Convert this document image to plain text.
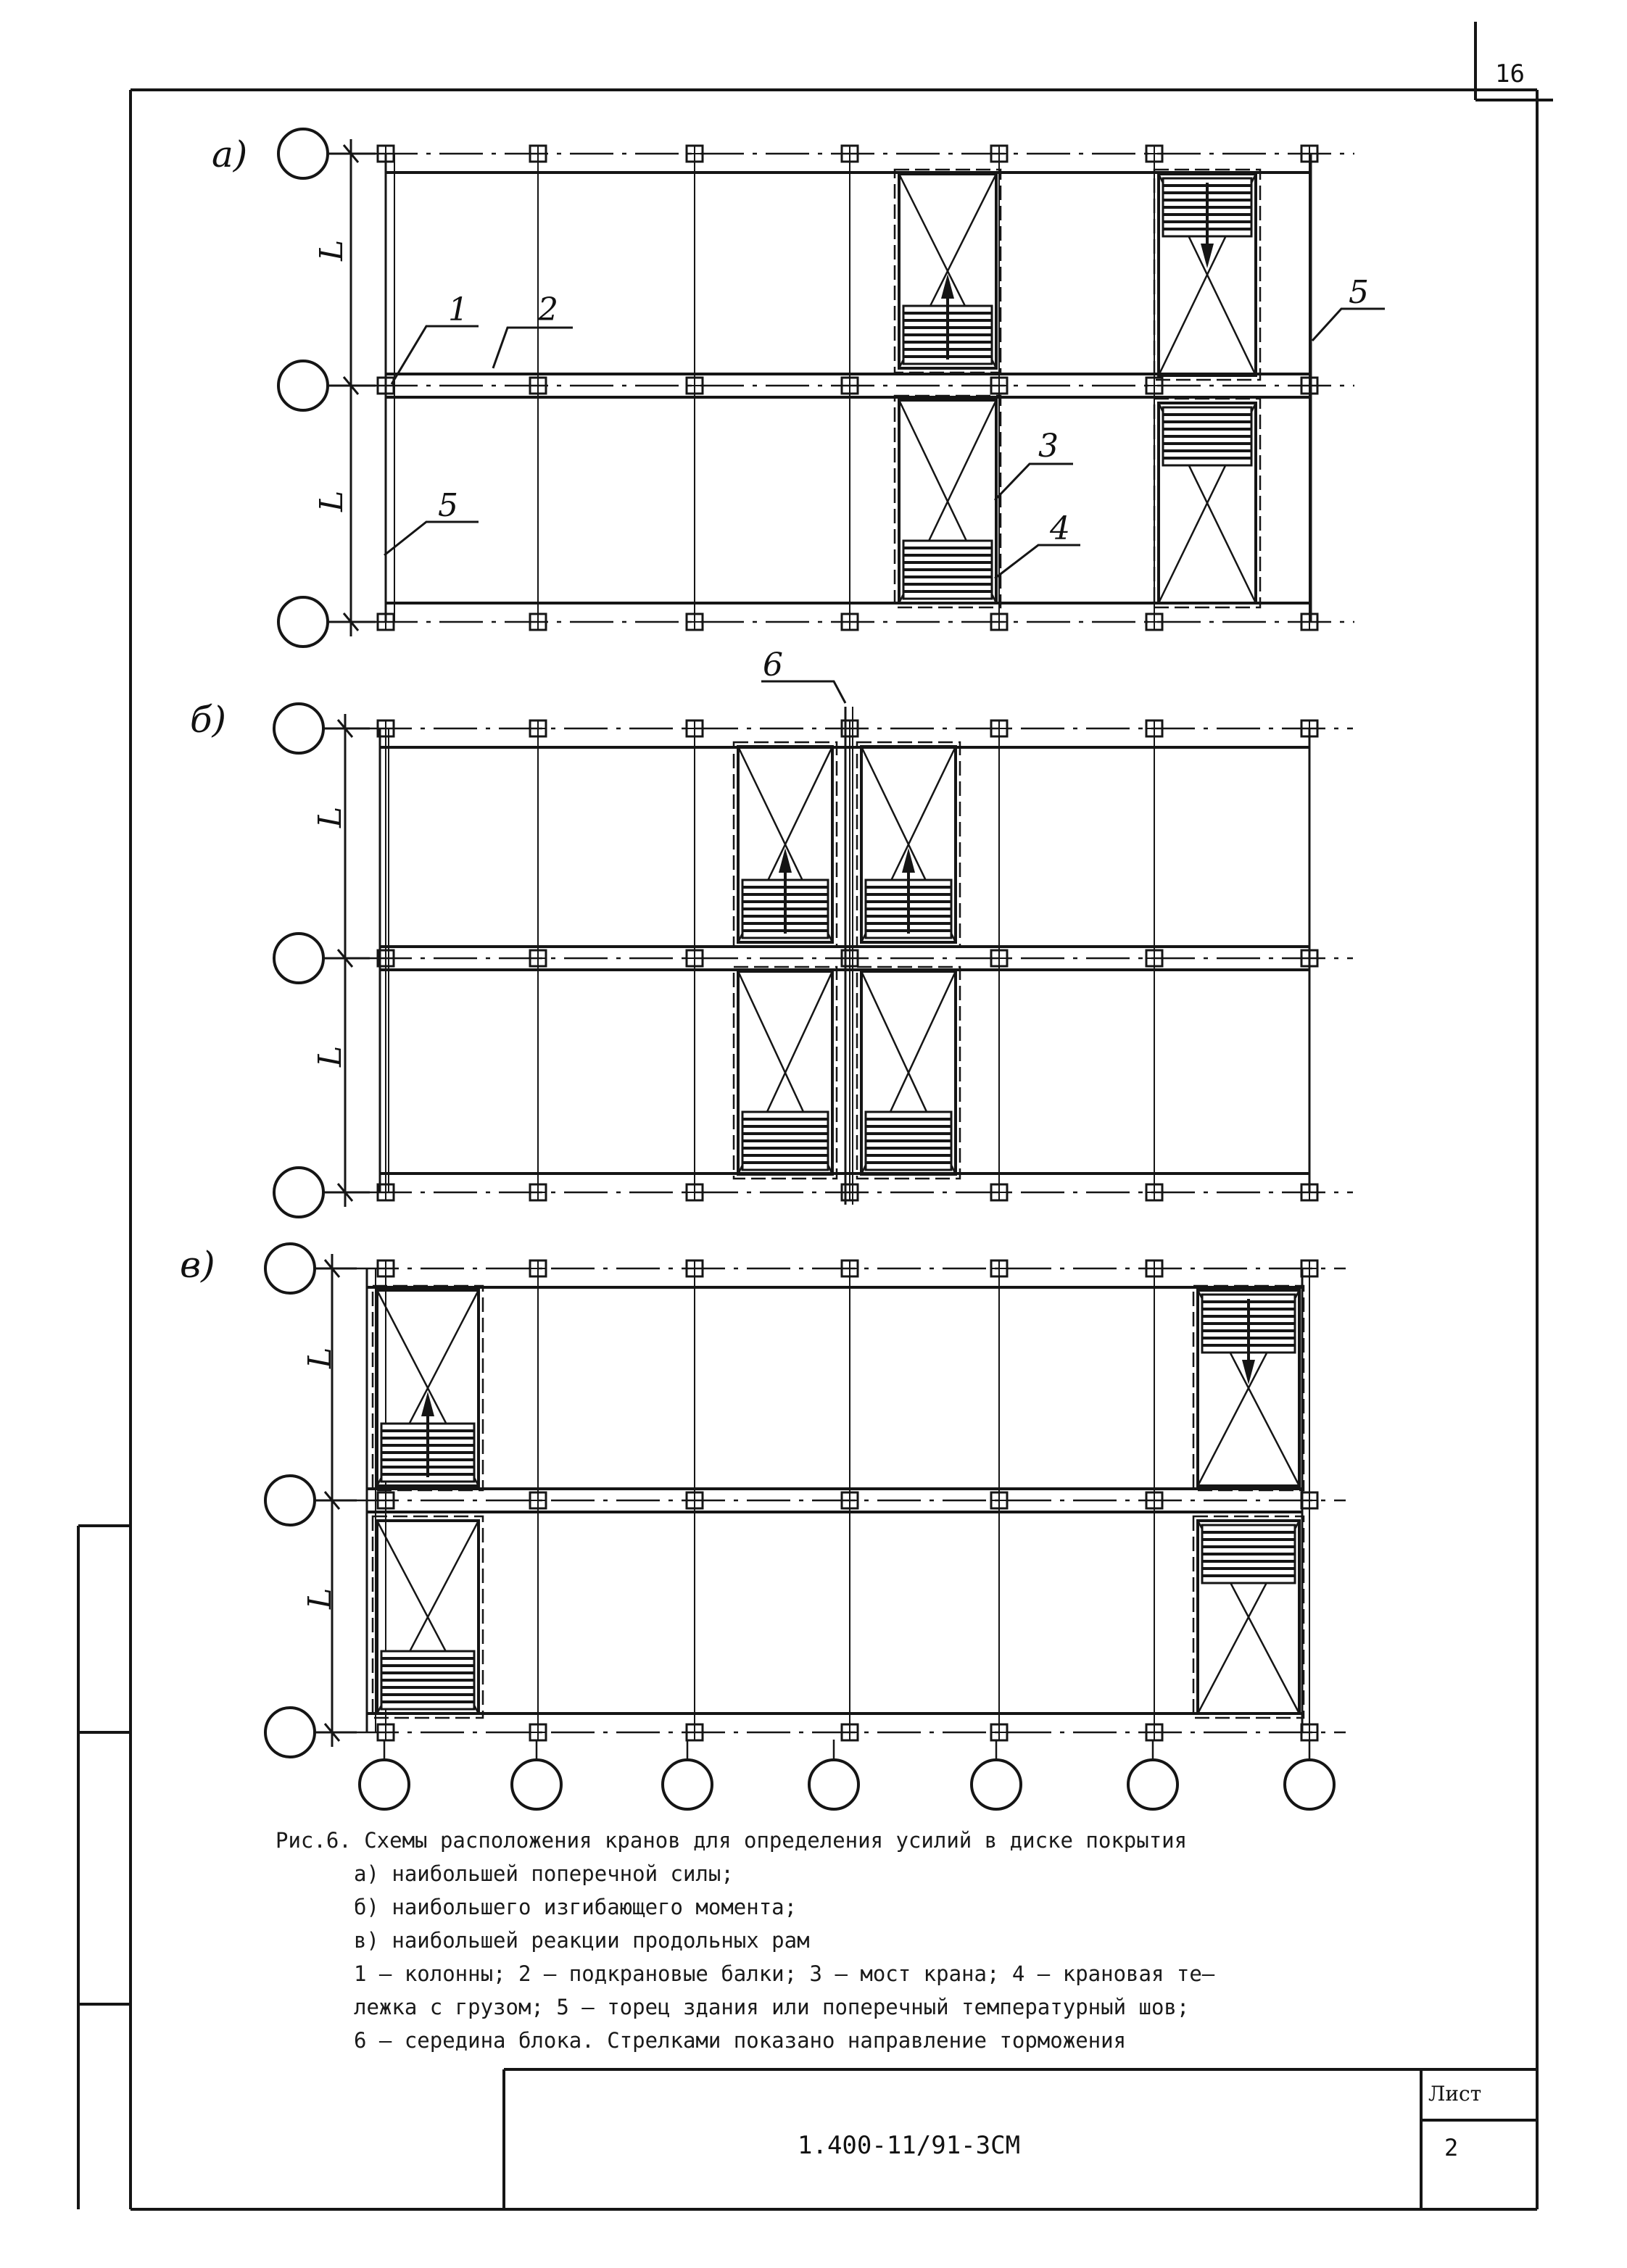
а)
б)
в)
1 2
3
4
5
5
6
L
L
L
L
L
L
16
Рис.6. Схемы расположения кранов для определения усилий в диске покрытия
а) наибольшей поперечной силы;
б) наибольшего изгибающего момента;
в) наибольшей реакции продольных рам
1 – колонны; 2 – подкрановые балки; 3 – мост крана; 4 – крановая те–
лежка с грузом; 5 – торец здания или поперечный температурный шов;
6 – середина блока. Стрелками показано направление торможения
1.400-11/91-3СМ
Лист
2
